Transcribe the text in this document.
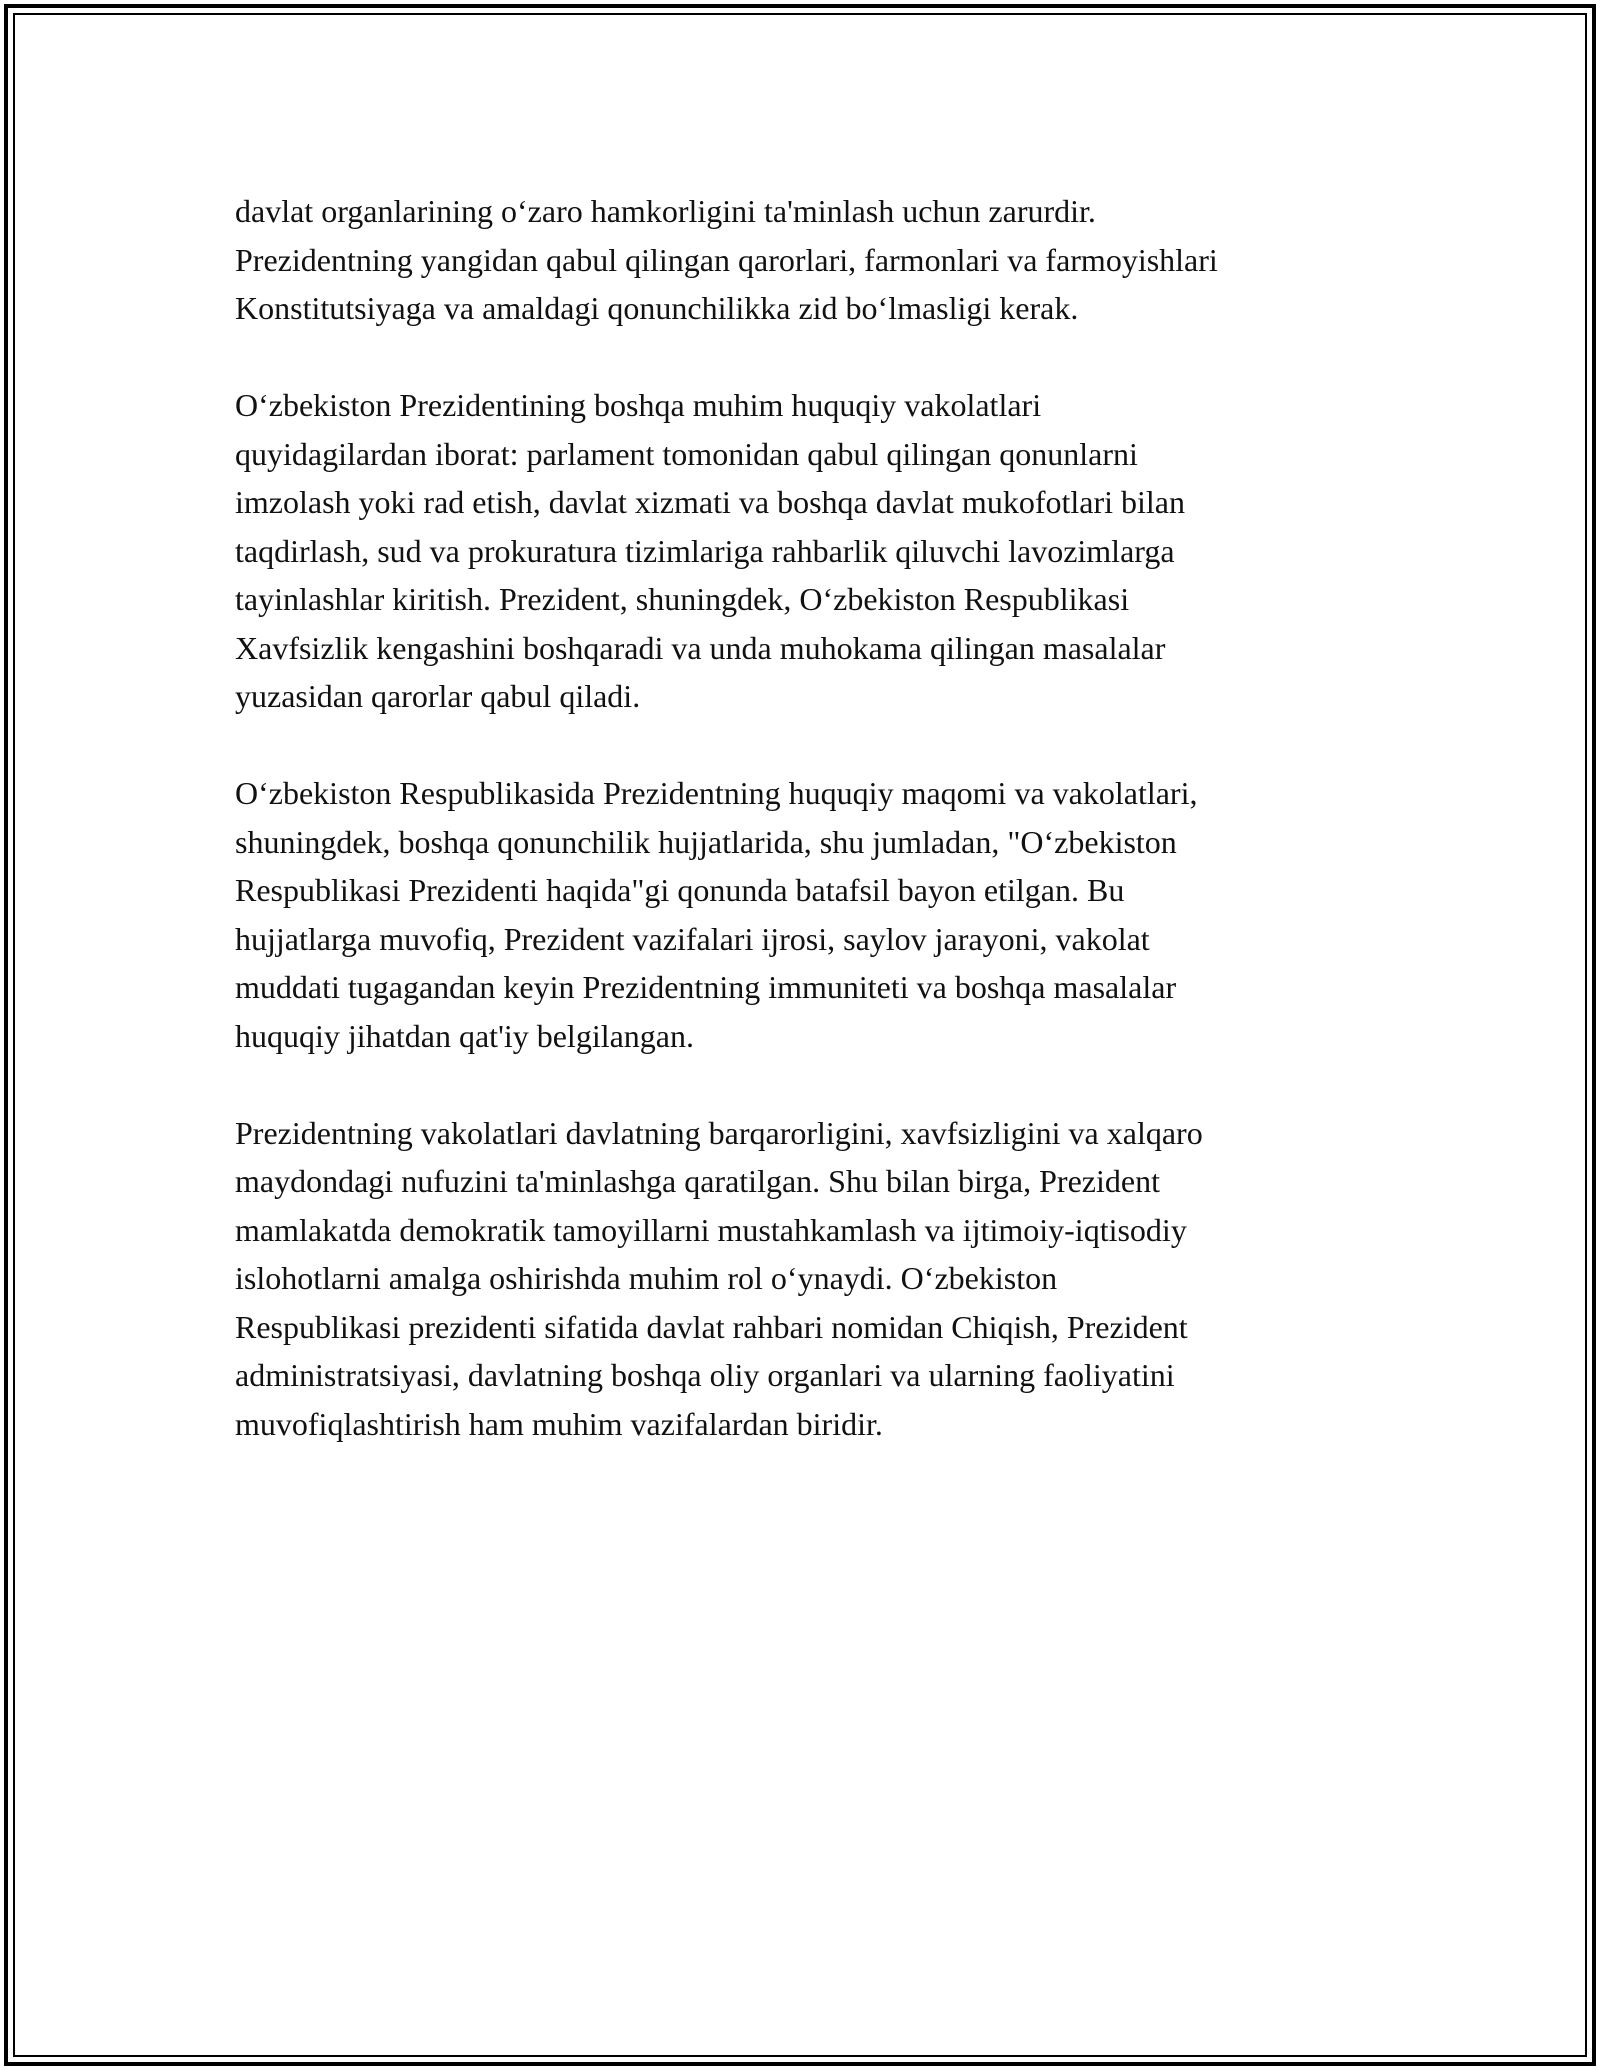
davlat organlarining o‘zaro hamkorligini ta'minlash uchun zarurdir.
Prezidentning yangidan qabul qilingan qarorlari, farmonlari va farmoyishlari
Konstitutsiyaga va amaldagi qonunchilikka zid bo‘lmasligi kerak.
O‘zbekiston Prezidentining boshqa muhim huquqiy vakolatlari
quyidagilardan iborat: parlament tomonidan qabul qilingan qonunlarni
imzolash yoki rad etish, davlat xizmati va boshqa davlat mukofotlari bilan
taqdirlash, sud va prokuratura tizimlariga rahbarlik qiluvchi lavozimlarga
tayinlashlar kiritish. Prezident, shuningdek, O‘zbekiston Respublikasi
Xavfsizlik kengashini boshqaradi va unda muhokama qilingan masalalar
yuzasidan qarorlar qabul qiladi.
O‘zbekiston Respublikasida Prezidentning huquqiy maqomi va vakolatlari,
shuningdek, boshqa qonunchilik hujjatlarida, shu jumladan, "O‘zbekiston
Respublikasi Prezidenti haqida"gi qonunda batafsil bayon etilgan. Bu
hujjatlarga muvofiq, Prezident vazifalari ijrosi, saylov jarayoni, vakolat
muddati tugagandan keyin Prezidentning immuniteti va boshqa masalalar
huquqiy jihatdan qat'iy belgilangan.
Prezidentning vakolatlari davlatning barqarorligini, xavfsizligini va xalqaro
maydondagi nufuzini ta'minlashga qaratilgan. Shu bilan birga, Prezident
mamlakatda demokratik tamoyillarni mustahkamlash va ijtimoiy-iqtisodiy
islohotlarni amalga oshirishda muhim rol o‘ynaydi. O‘zbekiston
Respublikasi prezidenti sifatida davlat rahbari nomidan Chiqish, Prezident
administratsiyasi, davlatning boshqa oliy organlari va ularning faoliyatini
muvofiqlashtirish ham muhim vazifalardan biridir.
